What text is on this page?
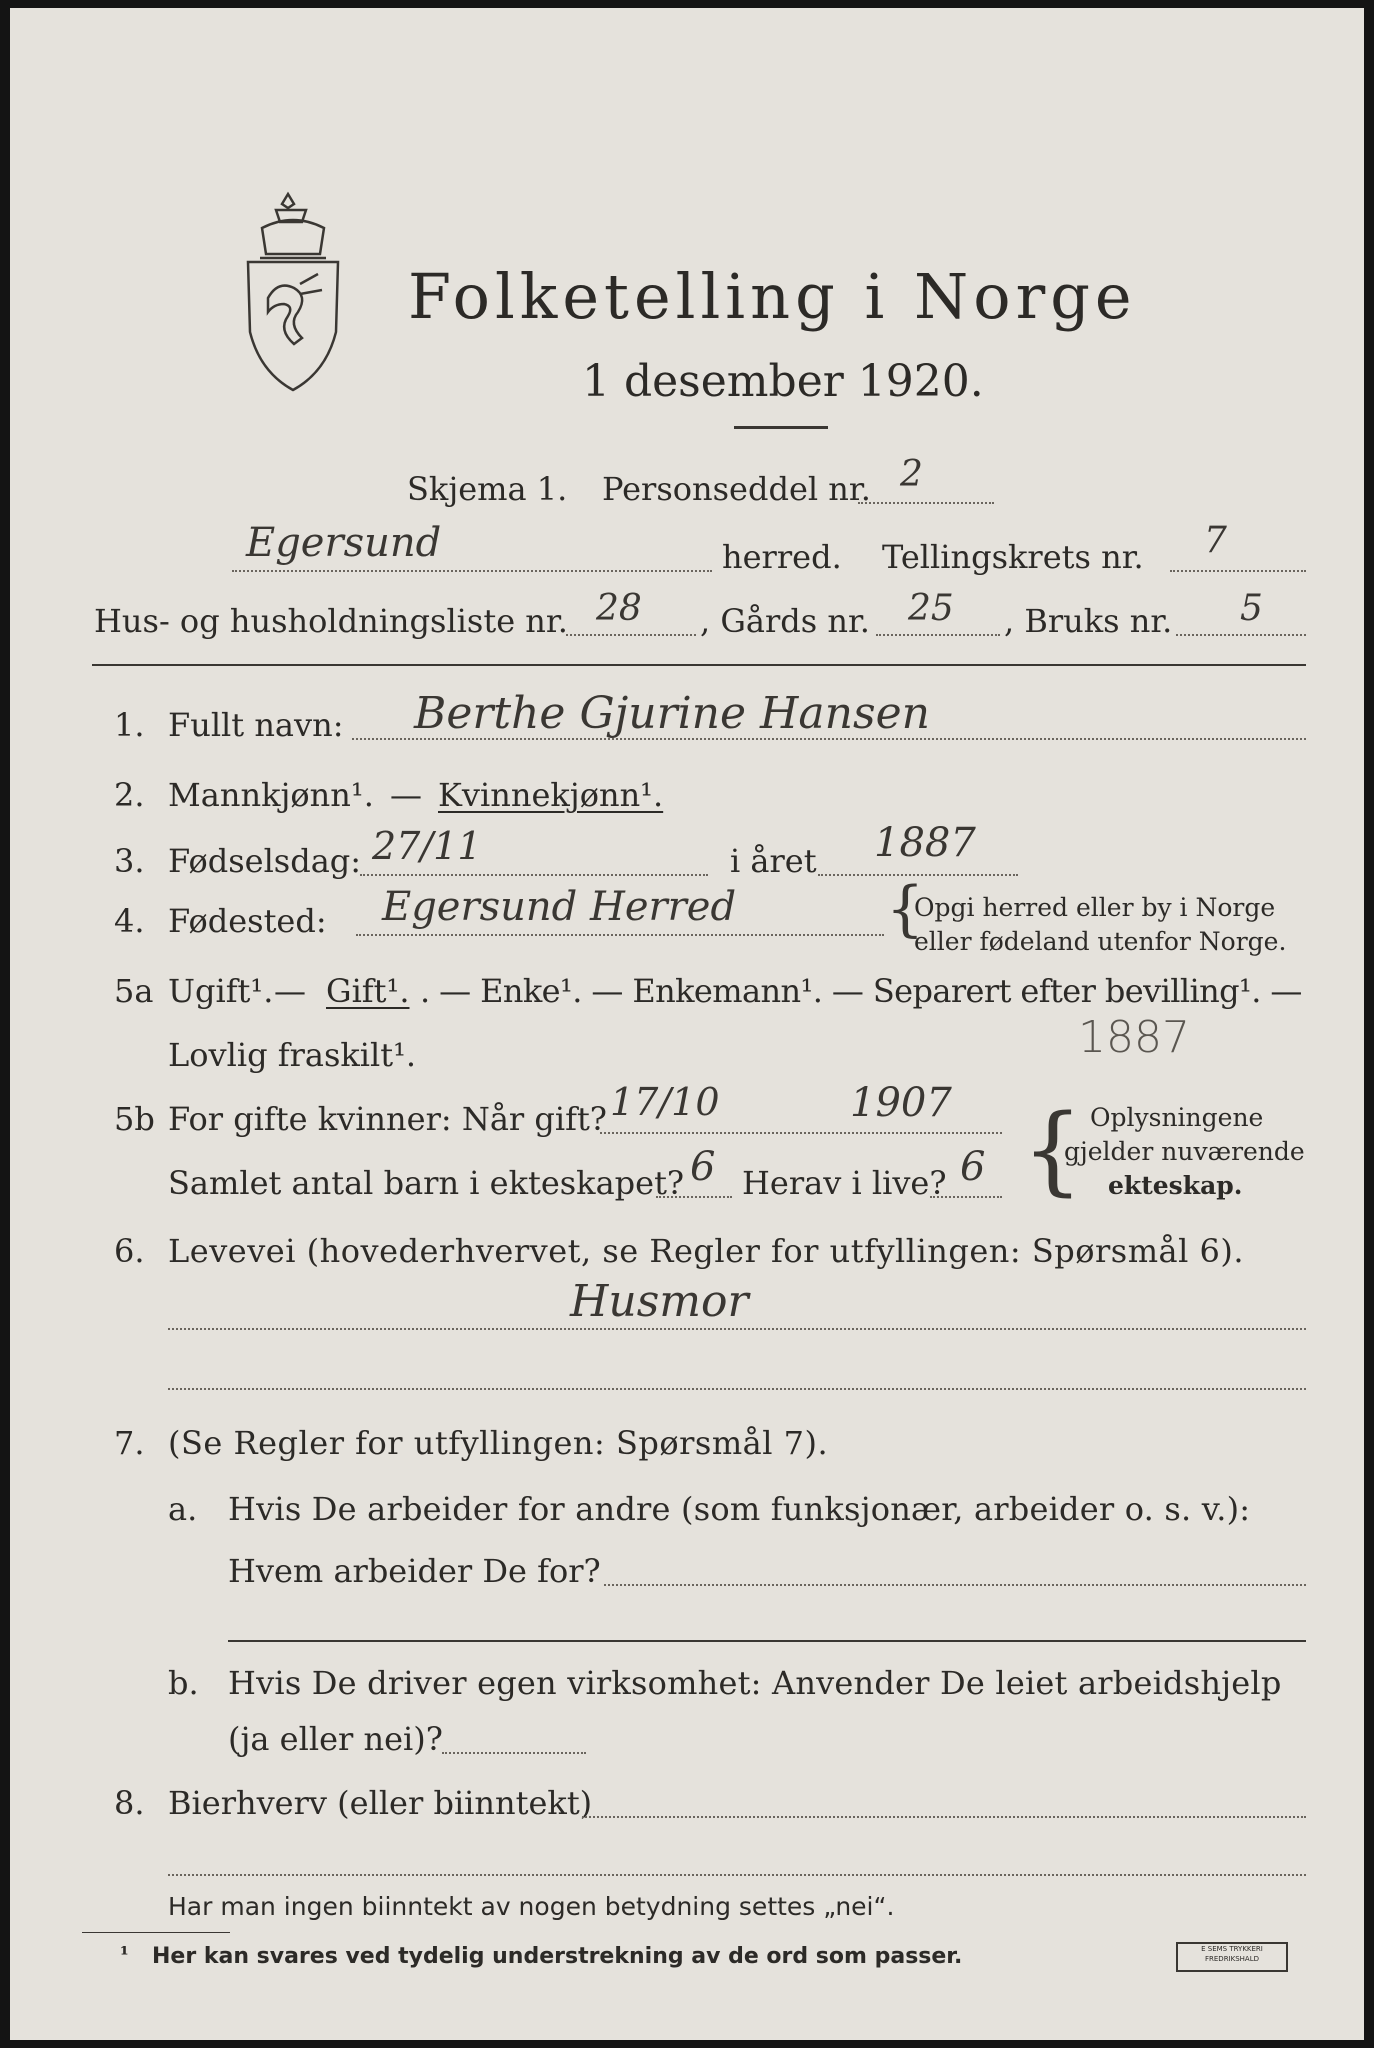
Folketelling i Norge
1 desember 1920.
Skjema 1. Personseddel nr. 2
Egersund	herred. Tellingskrets nr. 7
Hus- og husholdningsliste nr. 28 , Gårds nr. 25 , Bruks nr. 5
1. Fullt navn: Berthe Gjurine Hansen
2. Mannkjønn¹. — Kvinnekjønn¹.
3. Fødselsdag: 27/11	i året 1887
4. Fødested: Egersund Herred {
Opgi herred eller by i Norge
eller fødeland utenfor Norge.
5a Ugift¹. — Gift¹. . — Enke¹. — Enkemann¹. — Separert efter bevilling¹. —
Lovlig fraskilt¹.	1887
5b For gifte kvinner: Når gift? 17/10	1907
Samlet antal barn i ekteskapet? 6 Herav i live? 6 { Oplysningene
gjelder nuværende
ekteskap.
6. Levevei (hovederhvervet, se Regler for utfyllingen: Spørsmål 6).
Husmor
7. (Se Regler for utfyllingen: Spørsmål 7).
a. Hvis De arbeider for andre (som funksjonær, arbeider o. s. v.):
Hvem arbeider De for?
b. Hvis De driver egen virksomhet: Anvender De leiet arbeidshjelp
(ja eller nei)?
8. Bierhverv (eller biinntekt)
Har man ingen biinntekt av nogen betydning settes „nei“.
¹ Her kan svares ved tydelig understrekning av de ord som passer.	E SEMS TRYKKERI
FREDRIKSHALD
